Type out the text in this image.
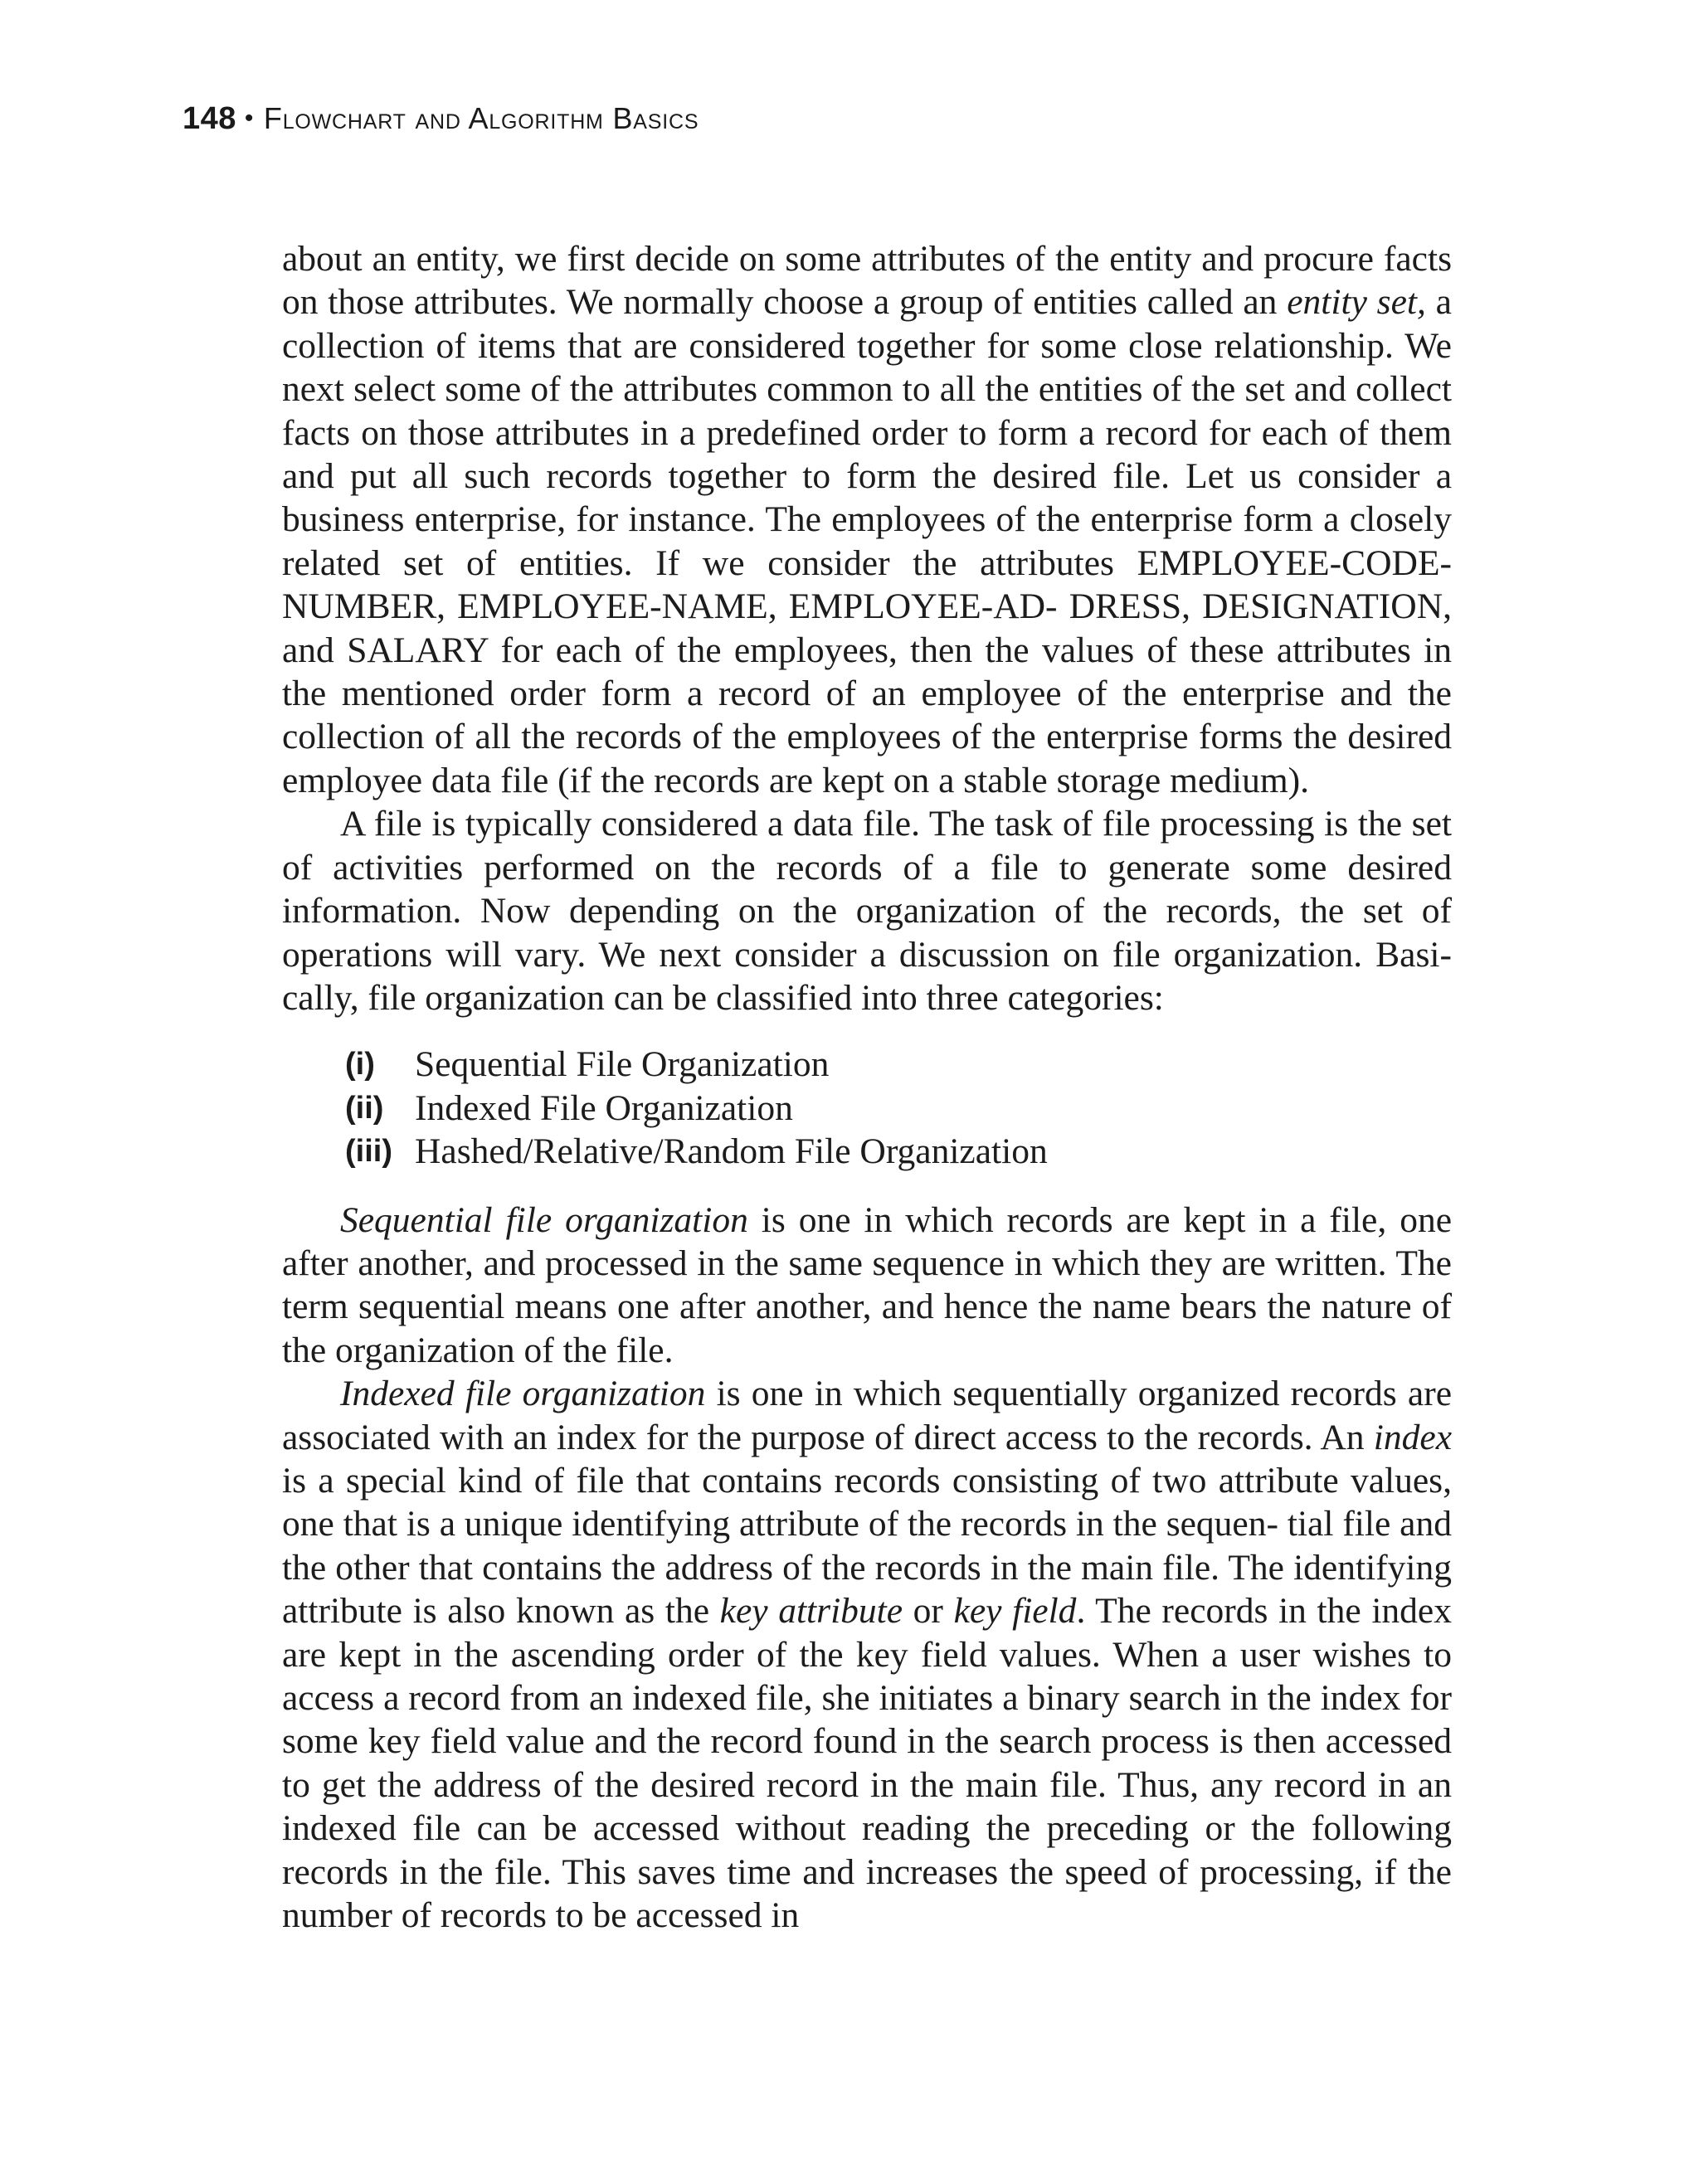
148 • Flowchart and Algorithm Basics

about an entity, we first decide on some attributes of the entity and procure facts on those attributes. We normally choose a group of entities called an entity set, a collection of items that are considered together for some close relationship. We next select some of the attributes common to all the entities of the set and collect facts on those attributes in a predefined order to form a record for each of them and put all such records together to form the desired file. Let us consider a business enterprise, for instance. The employees of the enterprise form a closely related set of entities. If we consider the attributes EMPLOYEE-CODE-NUMBER, EMPLOYEE-NAME, EMPLOYEE-AD- DRESS, DESIGNATION, and SALARY for each of the employees, then the values of these attributes in the mentioned order form a record of an employee of the enterprise and the collection of all the records of the employees of the enterprise forms the desired employee data file (if the records are kept on a stable storage medium).

A file is typically considered a data file. The task of file processing is the set of activities performed on the records of a file to generate some desired information. Now depending on the organization of the records, the set of operations will vary. We next consider a discussion on file organization. Basi- cally, file organization can be classified into three categories:

(i)	Sequential File Organization
(ii) Indexed File Organization
(iii) Hashed/Relative/Random File Organization

Sequential file organization is one in which records are kept in a file, one after another, and processed in the same sequence in which they are written. The term sequential means one after another, and hence the name bears the nature of the organization of the file.

Indexed file organization is one in which sequentially organized records are associated with an index for the purpose of direct access to the records. An index is a special kind of file that contains records consisting of two attribute values, one that is a unique identifying attribute of the records in the sequen- tial file and the other that contains the address of the records in the main file. The identifying attribute is also known as the key attribute or key field. The records in the index are kept in the ascending order of the key field values. When a user wishes to access a record from an indexed file, she initiates a binary search in the index for some key field value and the record found in the search process is then accessed to get the address of the desired record in the main file. Thus, any record in an indexed file can be accessed without reading the preceding or the following records in the file. This saves time and increases the speed of processing, if the number of records to be accessed in
